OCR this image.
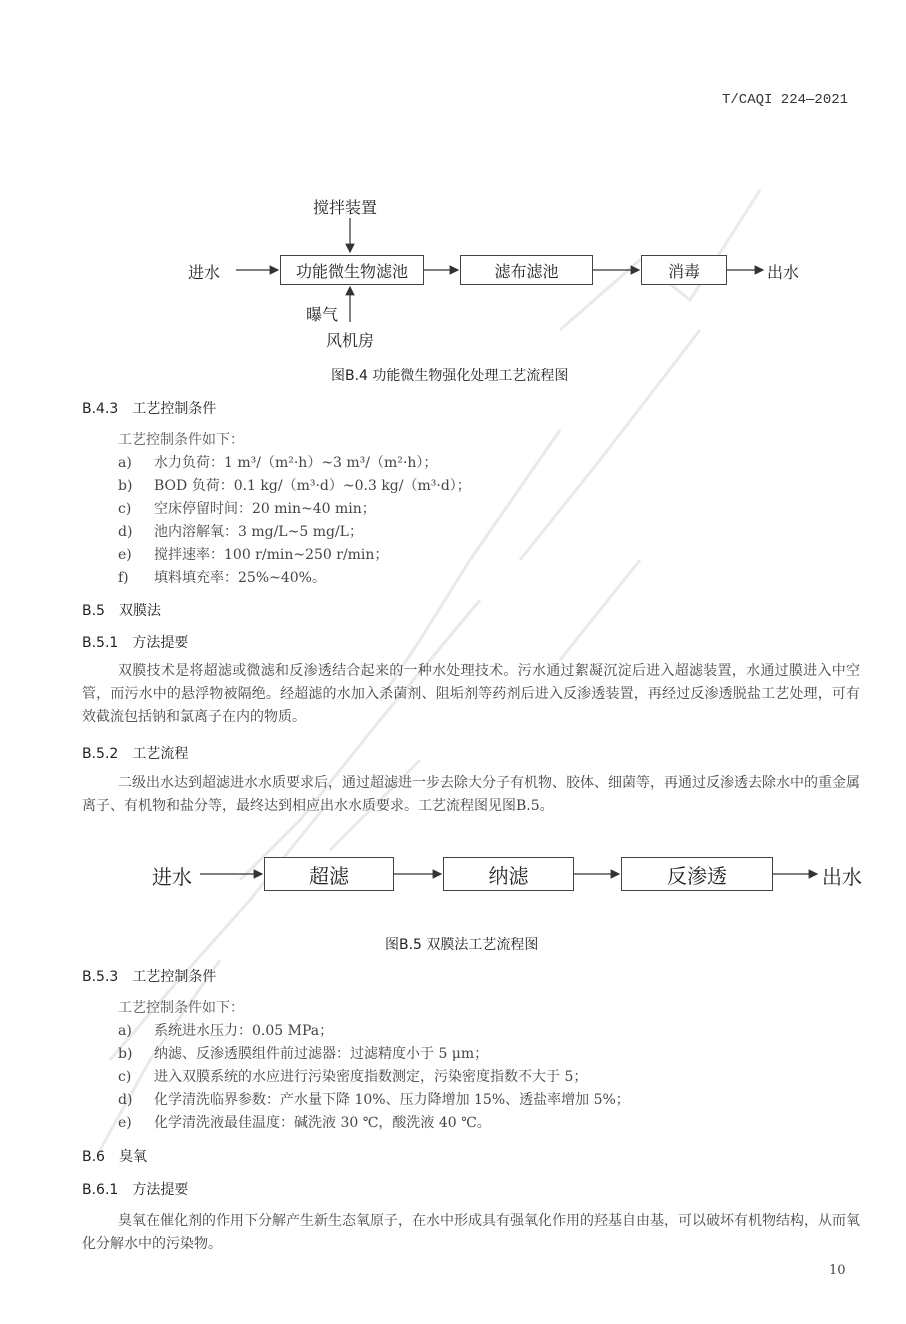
T/CAQI 224—2021
搅拌装置
进水	功能微生物滤池	滤布滤池	消毒	出水
曝气
风机房
图B.4 功能微生物强化处理工艺流程图
B.4.3 工艺控制条件
工艺控制条件如下：
a) 水力负荷：1 m³/（m²·h）~3 m³/（m²·h）；
b) BOD 负荷：0.1 kg/（m³·d）~0.3 kg/（m³·d）；
c) 空床停留时间：20 min~40 min；
d) 池内溶解氧：3 mg/L~5 mg/L；
e) 搅拌速率：100 r/min~250 r/min；
f) 填料填充率：25%~40%。
B.5 双膜法
B.5.1 方法提要
双膜技术是将超滤或微滤和反渗透结合起来的一种水处理技术。污水通过絮凝沉淀后进入超滤装置，水通过膜进入中空管，而污水中的悬浮物被隔绝。经超滤的水加入杀菌剂、阻垢剂等药剂后进入反渗透装置，再经过反渗透脱盐工艺处理，可有效截流包括钠和氯离子在内的物质。
B.5.2 工艺流程
二级出水达到超滤进水水质要求后，通过超滤进一步去除大分子有机物、胶体、细菌等，再通过反渗透去除水中的重金属离子、有机物和盐分等，最终达到相应出水水质要求。工艺流程图见图B.5。
进水	超滤	纳滤	反渗透	出水
图B.5 双膜法工艺流程图
B.5.3 工艺控制条件
工艺控制条件如下：
a) 系统进水压力：0.05 MPa；
b) 纳滤、反渗透膜组件前过滤器：过滤精度小于 5 μm；
c) 进入双膜系统的水应进行污染密度指数测定，污染密度指数不大于 5；
d) 化学清洗临界参数：产水量下降 10%、压力降增加 15%、透盐率增加 5%；
e) 化学清洗液最佳温度：碱洗液 30 ℃，酸洗液 40 ℃。
B.6 臭氧
B.6.1 方法提要
臭氧在催化剂的作用下分解产生新生态氧原子，在水中形成具有强氧化作用的羟基自由基，可以破坏有机物结构，从而氧化分解水中的污染物。
10
